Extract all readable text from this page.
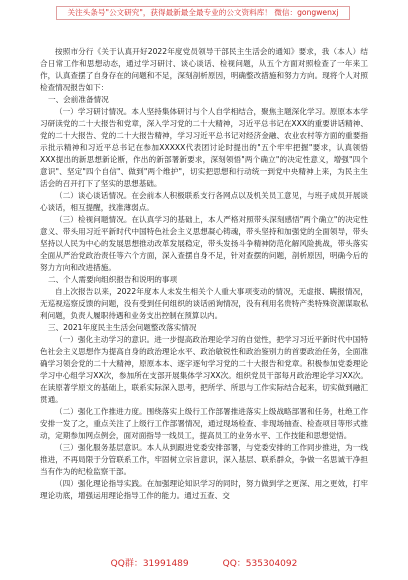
关注头条号"公文研究"，获得最新最全最专业的公文资料库！ 微信：gongwenxj

按照市分行《关于认真开好2022年度党员领导干部民主生活会的通知》要求，我（本人）结合日常工作和思想动态，通过学习研讨、谈心谈话、检视问题，从五个方面对照检查了一年来工作，认真查摆了自身存在的问题和不足，深刻剖析原因，明确整改措施和努力方向。现将个人对照检查情况报告如下：

一、会前准备情况

（一）学习研讨情况。本人坚持集体研讨与个人自学相结合，聚焦主题深化学习。原原本本学习研读党的二十大报告和党章，深入学习党的二十大精神，习近平总书记在XXX的重要讲话精神、党的二十大报告、党的二十大报告精神，学习习近平总书记对经济金融、农业农村等方面的重要指示批示精神和习近平总书记在参加XXXXX代表团讨论时提出的"五个牢牢把握"要求，认真领悟XXX提出的新思想新论断，作出的新部署新要求，深刻领悟"两个确立"的决定性意义，增强"四个意识"、坚定"四个自信"、做到"两个维护"，切实把思想和行动统一到党中央精神上来，为民主生活会的召开打下了坚实的思想基础。

（二）谈心谈话情况。在会前本人积极联系支行各网点以及机关员工意见，与班子成员开展谈心谈话，相互提醒，找准薄弱点。

（三）检视问题情况。在认真学习的基础上，本人严格对照带头深刻感悟"两个确立"的决定性意义、带头用习近平新时代中国特色社会主义思想凝心铸魂，带头坚持和加强党的全面领导，带头坚持以人民为中心的发展思想推动改革发展稳定，带头发扬斗争精神防范化解风险挑战，带头落实全面从严治党政治责任等六个方面，深入查摆自身不足，针对查摆的问题，剖析原因，明确今后的努力方向和改进措施。

二、个人需要向组织报告和说明的事项

自上次报告以来，2022年度本人未发生相关个人重大事项变动的情况，无虚报、瞒报情况，无巡视巡察反馈的问题，没有受到任何组织的谈话函询情况，没有利用名贵特产类特殊资源谋取私利问题，负责人履职待遇和业务支出控制在预算以内。

三、2021年度民主生活会问题整改落实情况

（一）强化主动学习的意识。进一步提高政治理论学习的自觉性，把学习习近平新时代中国特色社会主义思想作为提高自身的政治理论水平、政治敏锐性和政治鉴别力的首要政治任务，全面准确学习领会党的二十大精神，原原本本、逐字逐句学习党的二十大报告和党章。积极参加党委理论学习中心组学习XX次，参加所在支部开展集体学习XX次。组织党员干部每月政治理论学习XX次。在读原著学原文的基础上，联系实际深入思考，把所学、所思与工作实际结合起来，切实做到融汇贯通。

（二）强化工作推进力度。围绕落实上级行工作部署推进落实上级战略部署和任务，杜绝工作安排一发了之，重点关注了上级行工作部署情况，通过现场检查、非现场抽查、检查项目等形式推动，定期参加网点例会，面对面指导一线员工，提高员工的业务水平、工作技能和思想觉悟。

（三）强化服务基层意识。本人从到跟进党委安排部署，与党委安排的工作同步推进，为一线推进，不再局限于分管联系工作，牢固树立宗旨意识，深入基层、联系群众，争做一名思诚干净担当有作为的纪检监察干部。

（四）强化理论指导实践。在加强理论知识学习的同时，努力做到学之更深、用之更效，打牢理论功底，增强运用理论指导工作的能力。通过五查、交

QQ群：31991489	QQ：535304092
